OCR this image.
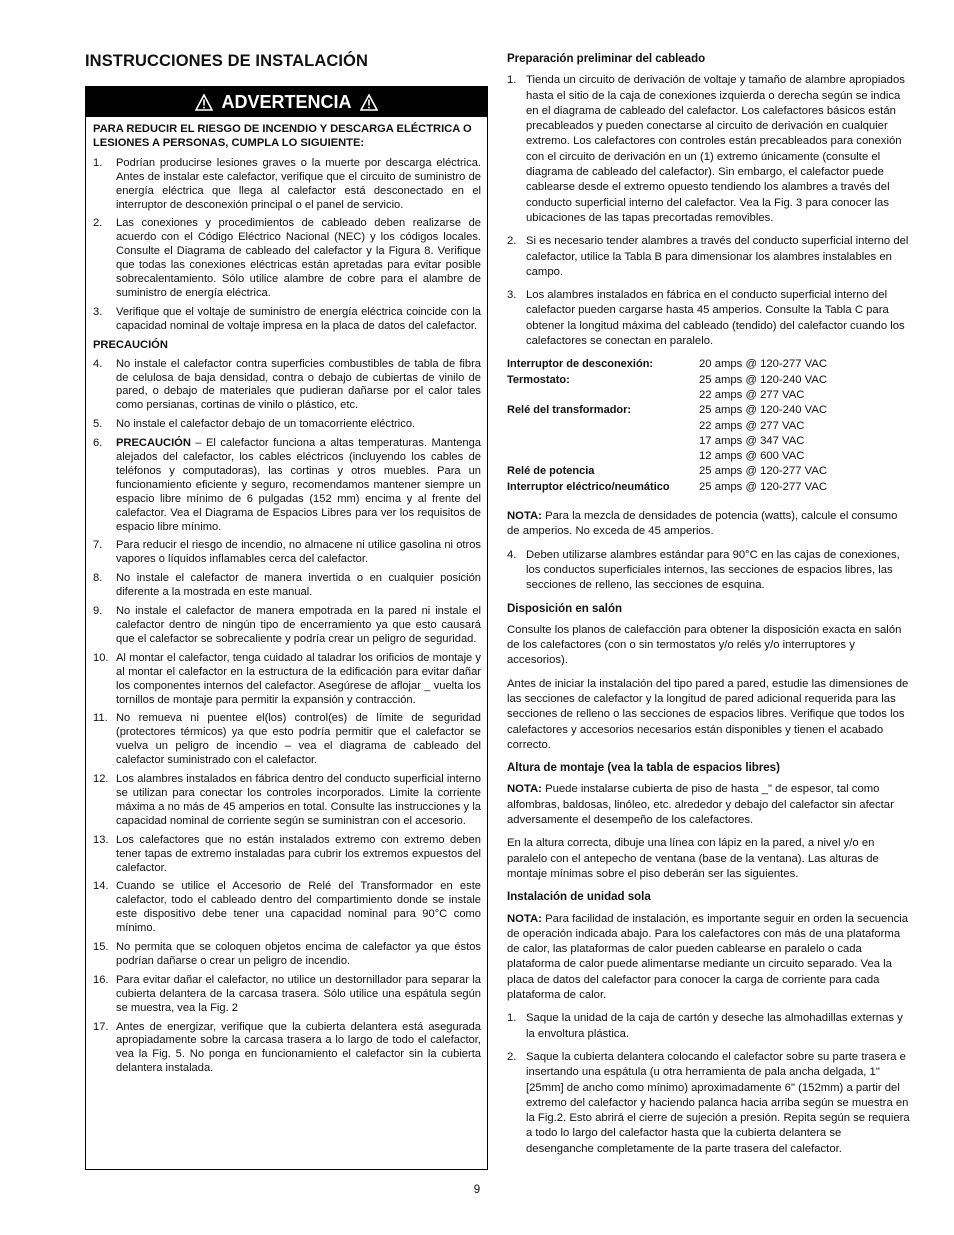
INSTRUCCIONES DE INSTALACIÓN
ADVERTENCIA
PARA REDUCIR EL RIESGO DE INCENDIO Y DESCARGA ELÉCTRICA O LESIONES A PERSONAS, CUMPLA LO SIGUIENTE:
1.	Podrían producirse lesiones graves o la muerte por descarga eléctrica. Antes de instalar este calefactor, verifique que el circuito de suministro de energía eléctrica que llega al calefactor está desconectado en el interruptor de desconexión principal o el panel de servicio.
2.	Las conexiones y procedimientos de cableado deben realizarse de acuerdo con el Código Eléctrico Nacional (NEC) y los códigos locales. Consulte el Diagrama de cableado del calefactor y la Figura 8. Verifique que todas las conexiones eléctricas están apretadas para evitar posible sobrecalentamiento. Sólo utilice alambre de cobre para el alambre de suministro de energía eléctrica.
3.	Verifique que el voltaje de suministro de energía eléctrica coincide con la capacidad nominal de voltaje impresa en la placa de datos del calefactor.
PRECAUCIÓN
4.	No instale el calefactor contra superficies combustibles de tabla de fibra de celulosa de baja densidad, contra o debajo de cubiertas de vinilo de pared, o debajo de materiales que pudieran dañarse por el calor tales como persianas, cortinas de vinilo o plástico, etc.
5.	No instale el calefactor debajo de un tomacorriente eléctrico.
6.	PRECAUCIÓN – El calefactor funciona a altas temperaturas. Mantenga alejados del calefactor, los cables eléctricos (incluyendo los cables de teléfonos y computadoras), las cortinas y otros muebles. Para un funcionamiento eficiente y seguro, recomendamos mantener siempre un espacio libre mínimo de 6 pulgadas (152 mm) encima y al frente del calefactor. Vea el Diagrama de Espacios Libres para ver los requisitos de espacio libre mínimo.
7.	Para reducir el riesgo de incendio, no almacene ni utilice gasolina ni otros vapores o líquidos inflamables cerca del calefactor.
8.	No instale el calefactor de manera invertida o en cualquier posición diferente a la mostrada en este manual.
9.	No instale el calefactor de manera empotrada en la pared ni instale el calefactor dentro de ningún tipo de encerramiento ya que esto causará que el calefactor se sobrecaliente y podría crear un peligro de seguridad.
10. Al montar el calefactor, tenga cuidado al taladrar los orificios de montaje y al montar el calefactor en la estructura de la edificación para evitar dañar los componentes internos del calefactor. Asegúrese de aflojar _ vuelta los tornillos de montaje para permitir la expansión y contracción.
11. No remueva ni puentee el(los) control(es) de límite de seguridad (protectores térmicos) ya que esto podría permitir que el calefactor se vuelva un peligro de incendio – vea el diagrama de cableado del calefactor suministrado con el calefactor.
12. Los alambres instalados en fábrica dentro del conducto superficial interno se utilizan para conectar los controles incorporados. Limite la corriente máxima a no más de 45 amperios en total. Consulte las instrucciones y la capacidad nominal de corriente según se suministran con el accesorio.
13. Los calefactores que no están instalados extremo con extremo deben tener tapas de extremo instaladas para cubrir los extremos expuestos del calefactor.
14. Cuando se utilice el Accesorio de Relé del Transformador en este calefactor, todo el cableado dentro del compartimiento donde se instale este dispositivo debe tener una capacidad nominal para 90°C como mínimo.
15. No permita que se coloquen objetos encima de calefactor ya que éstos podrían dañarse o crear un peligro de incendio.
16. Para evitar dañar el calefactor, no utilice un destornillador para separar la cubierta delantera de la carcasa trasera. Sólo utilice una espátula según se muestra, vea la Fig. 2
17. Antes de energizar, verifique que la cubierta delantera está asegurada apropiadamente sobre la carcasa trasera a lo largo de todo el calefactor, vea la Fig. 5. No ponga en funcionamiento el calefactor sin la cubierta delantera instalada.
Preparación preliminar del cableado
1. Tienda un circuito de derivación de voltaje y tamaño de alambre apropiados hasta el sitio de la caja de conexiones izquierda o derecha según se indica en el diagrama de cableado del calefactor. Los calefactores básicos están precableados y pueden conectarse al circuito de derivación en cualquier extremo. Los calefactores con controles están precableados para conexión con el circuito de derivación en un (1) extremo únicamente (consulte el diagrama de cableado del calefactor). Sin embargo, el calefactor puede cablearse desde el extremo opuesto tendiendo los alambres a través del conducto superficial interno del calefactor. Vea la Fig. 3 para conocer las ubicaciones de las tapas precortadas removibles.
2. Si es necesario tender alambres a través del conducto superficial interno del calefactor, utilice la Tabla B para dimensionar los alambres instalables en campo.
3. Los alambres instalados en fábrica en el conducto superficial interno del calefactor pueden cargarse hasta 45 amperios. Consulte la Tabla C para obtener la longitud máxima del cableado (tendido) del calefactor cuando los calefactores se conectan en paralelo.
Interruptor de desconexión:	20 amps @ 120-277 VAC
Termostato:	25 amps @ 120-240 VAC
22 amps @ 277 VAC
Relé del transformador:	25 amps @ 120-240 VAC
22 amps @ 277 VAC
17 amps @ 347 VAC
12 amps @ 600 VAC
Relé de potencia	25 amps @ 120-277 VAC
Interruptor eléctrico/neumático	25 amps @ 120-277 VAC

NOTA: Para la mezcla de densidades de potencia (watts), calcule el consumo de amperios. No exceda de 45 amperios.

4. Deben utilizarse alambres estándar para 90°C en las cajas de conexiones, los conductos superficiales internos, las secciones de espacios libres, las secciones de relleno, las secciones de esquina.
Disposición en salón

Consulte los planos de calefacción para obtener la disposición exacta en salón de los calefactores (con o sin termostatos y/o relés y/o interruptores y accesorios).

Antes de iniciar la instalación del tipo pared a pared, estudie las dimensiones de las secciones de calefactor y la longitud de pared adicional requerida para las secciones de relleno o las secciones de espacios libres. Verifique que todos los calefactores y accesorios necesarios están disponibles y tienen el acabado correcto.

Altura de montaje (vea la tabla de espacios libres)

NOTA: Puede instalarse cubierta de piso de hasta _" de espesor, tal como alfombras, baldosas, linóleo, etc. alrededor y debajo del calefactor sin afectar adversamente el desempeño de los calefactores.

En la altura correcta, dibuje una línea con lápiz en la pared, a nivel y/o en paralelo con el antepecho de ventana (base de la ventana). Las alturas de montaje mínimas sobre el piso deberán ser las siguientes.

Instalación de unidad sola

NOTA: Para facilidad de instalación, es importante seguir en orden la secuencia de operación indicada abajo. Para los calefactores con más de una plataforma de calor, las plataformas de calor pueden cablearse en paralelo o cada plataforma de calor puede alimentarse mediante un circuito separado. Vea la placa de datos del calefactor para conocer la carga de corriente para cada plataforma de calor.

1. Saque la unidad de la caja de cartón y deseche las almohadillas externas y la envoltura plástica.
2. Saque la cubierta delantera colocando el calefactor sobre su parte trasera e insertando una espátula (u otra herramienta de pala ancha delgada, 1" [25mm] de ancho como mínimo) aproximadamente 6" (152mm) a partir del extremo del calefactor y haciendo palanca hacia arriba según se muestra en la Fig.2. Esto abrirá el cierre de sujeción a presión. Repita según se requiera a todo lo largo del calefactor hasta que la cubierta delantera se desenganche completamente de la parte trasera del calefactor.
9
